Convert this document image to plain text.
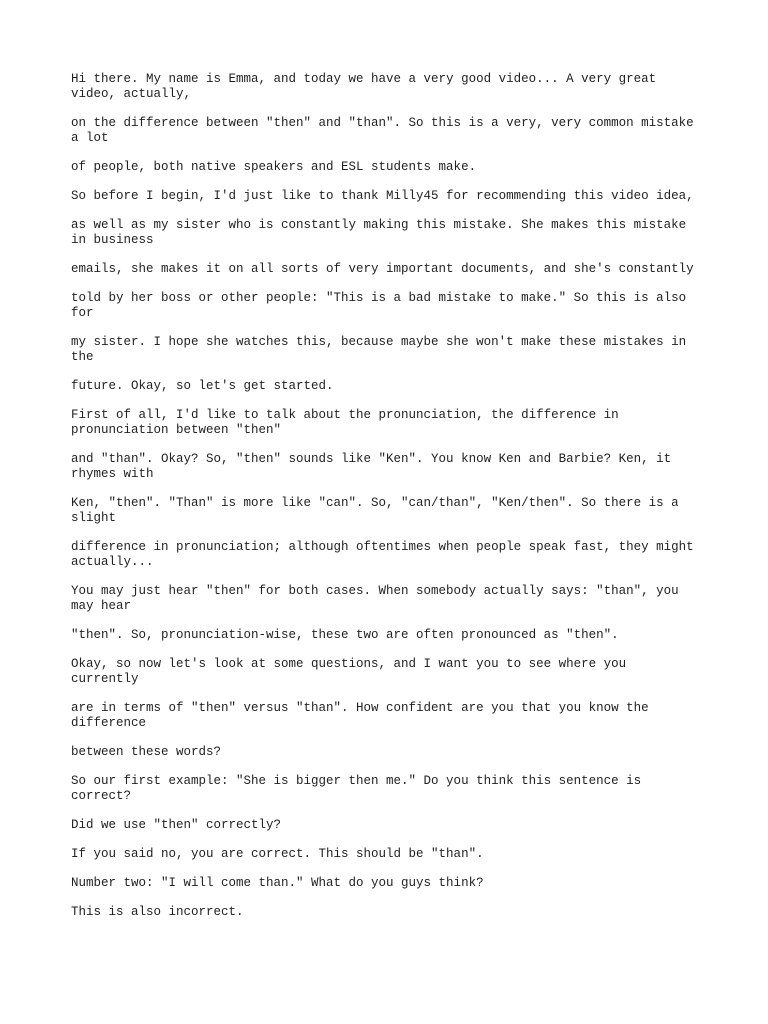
Hi there. My name is Emma, and today we have a very good video... A very great
video, actually,

on the difference between "then" and "than". So this is a very, very common mistake
a lot

of people, both native speakers and ESL students make.

So before I begin, I'd just like to thank Milly45 for recommending this video idea,

as well as my sister who is constantly making this mistake. She makes this mistake
in business

emails, she makes it on all sorts of very important documents, and she's constantly

told by her boss or other people: "This is a bad mistake to make." So this is also
for

my sister. I hope she watches this, because maybe she won't make these mistakes in
the

future. Okay, so let's get started.

First of all, I'd like to talk about the pronunciation, the difference in
pronunciation between "then"

and "than". Okay? So, "then" sounds like "Ken". You know Ken and Barbie? Ken, it
rhymes with

Ken, "then". "Than" is more like "can". So, "can/than", "Ken/then". So there is a
slight

difference in pronunciation; although oftentimes when people speak fast, they might
actually...

You may just hear "then" for both cases. When somebody actually says: "than", you
may hear

"then". So, pronunciation-wise, these two are often pronounced as "then".

Okay, so now let's look at some questions, and I want you to see where you
currently

are in terms of "then" versus "than". How confident are you that you know the
difference

between these words?

So our first example: "She is bigger then me." Do you think this sentence is
correct?

Did we use "then" correctly?

If you said no, you are correct. This should be "than".

Number two: "I will come than." What do you guys think?

This is also incorrect.
